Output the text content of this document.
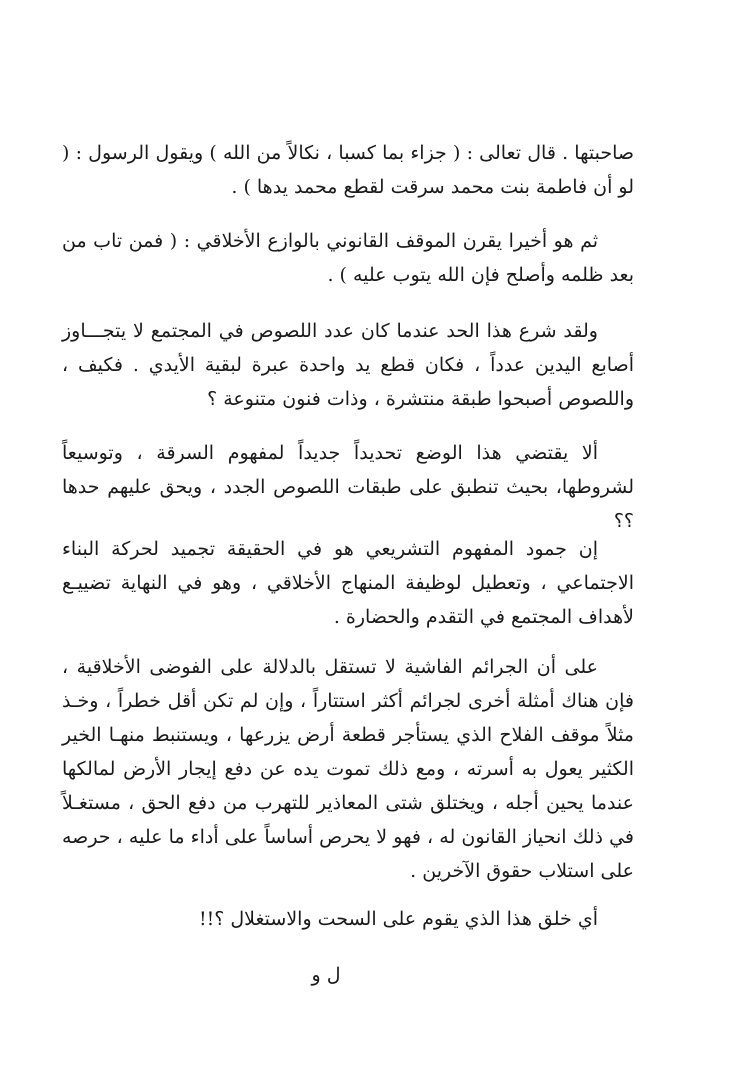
صاحبتها . قال تعالى : ( جزاء بما كسبا ، نكالاً من الله ) ويقول الرسول : ( لو أن فاطمة بنت محمد سرقت لقطع محمد يدها ) .

ثم هو أخيرا يقرن الموقف القانوني بالوازع الأخلاقي : ( فمن تاب من بعد ظلمه وأصلح فإن الله يتوب عليه ) .

ولقد شرع هذا الحد عندما كان عدد اللصوص في المجتمع لا يتجـــاوز أصابع اليدين عدداً ، فكان قطع يد واحدة عبرة لبقية الأيدي . فكيف ، واللصوص أصبحوا طبقة منتشرة ، وذات فنون متنوعة ؟

ألا يقتضي هذا الوضع تحديداً جديداً لمفهوم السرقة ، وتوسيعاً لشروطها، بحيث تنطبق على طبقات اللصوص الجدد ، ويحق عليهم حدها ؟؟

إن جمود المفهوم التشريعي هو في الحقيقة تجميد لحركة البناء الاجتماعي ، وتعطيل لوظيفة المنهاج الأخلاقي ، وهو في النهاية تضييـع لأهداف المجتمع في التقدم والحضارة .

على أن الجرائم الفاشية لا تستقل بالدلالة على الفوضى الأخلاقية ، فإن هناك أمثلة أخرى لجرائم أكثر استتاراً ، وإن لم تكن أقل خطراً ، وخـذ مثلاً موقف الفلاح الذي يستأجر قطعة أرض يزرعها ، ويستنبط منهـا الخير الكثير يعول به أسرته ، ومع ذلك تموت يده عن دفع إيجار الأرض لمالكها عندما يحين أجله ، ويختلق شتى المعاذير للتهرب من دفع الحق ، مستغـلاً في ذلك انحياز القانون له ، فهو لا يحرص أساساً على أداء ما عليه ، حرصه على استلاب حقوق الآخرين .

أي خلق هذا الذي يقوم على السحت والاستغلال ؟!!

ل و
